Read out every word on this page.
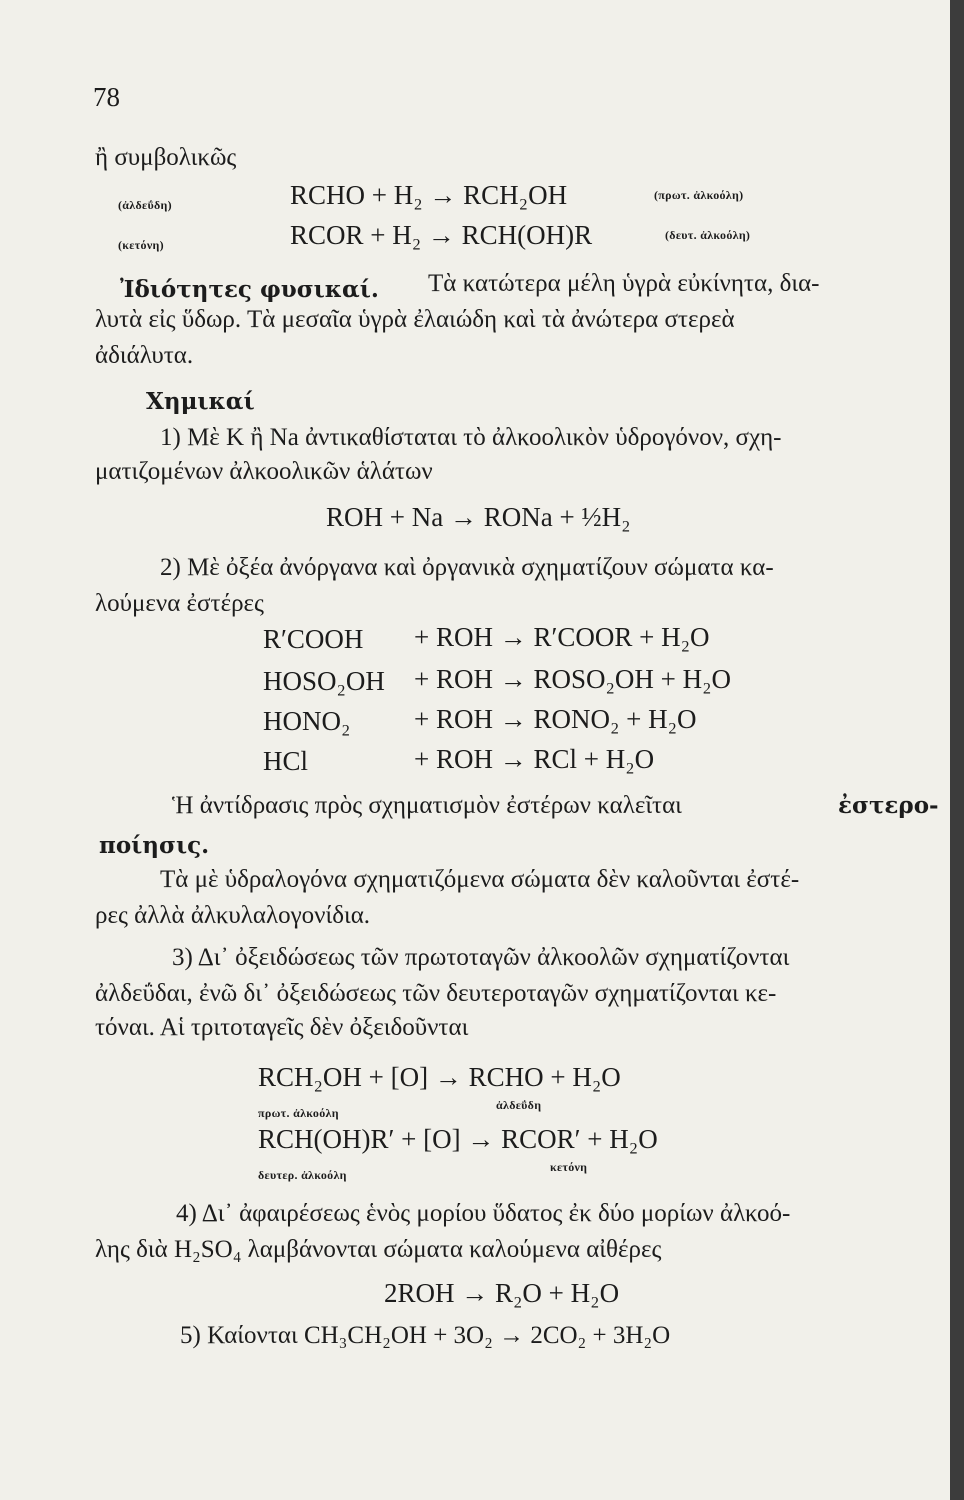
78
ἢ συμβολικῶς
(ἀλδεΰδη)	RCHO + H₂ → RCH₂OH	(πρωτ. ἀλκοόλη)
(κετόνη)	RCOR + H₂ → RCH(OH)R	(δευτ. ἀλκοόλη)
Ἰδιότητες φυσικαί. Τὰ κατώτερα μέλη ὑγρὰ εὐκίνητα, δια-
λυτὰ εἰς ὕδωρ. Τὰ μεσαῖα ὑγρὰ ἐλαιώδη καὶ τὰ ἀνώτερα στερεὰ
ἀδιάλυτα.
Χημικαί
1) Μὲ K ἢ Na ἀντικαθίσταται τὸ ἀλκοολικὸν ὑδρογόνον, σχη-
ματιζομένων ἀλκοολικῶν ἁλάτων
ROH + Na → RONa + ½H₂
2) Μὲ ὀξέα ἀνόργανα καὶ ὀργανικὰ σχηματίζουν σώματα κα-
λούμενα ἐστέρες
R′COOH + ROH → R′COOR + H₂O
HOSO₂OH + ROH → ROSO₂OH + H₂O
HONO₂ + ROH → RONO₂ + H₂O
HCl	+ ROH → RCl + H₂O
Ἡ ἀντίδρασις πρὸς σχηματισμὸν ἐστέρων καλεῖται	ἐστερο-
ποίησις.
Τὰ μὲ ὑδραλογόνα σχηματιζόμενα σώματα δὲν καλοῦνται ἐστέ-
ρες ἀλλὰ ἀλκυλαλογονίδια.
3) Δι᾽ ὀξειδώσεως τῶν πρωτοταγῶν ἀλκοολῶν σχηματίζονται
ἀλδεΰδαι, ἐνῶ δι᾽ ὀξειδώσεως τῶν δευτεροταγῶν σχηματίζονται κε-
τόναι. Αἱ τριτοταγεῖς δὲν ὀξειδοῦνται
RCH₂OH + [O] → RCHO + H₂O
πρωτ. ἀλκοόλη
ἀλδεΰδη
RCH(OH)R′ + [O] → RCOR′ + H₂O
δευτερ. ἀλκοόλη
κετόνη
4) Δι᾽ ἀφαιρέσεως ἑνὸς μορίου ὕδατος ἐκ δύο μορίων ἀλκοό-
λης διὰ H₂SO₄ λαμβάνονται σώματα καλούμενα αἰθέρες
2ROH → R₂O + H₂O
5) Καίονται CH₃CH₂OH + 3O₂ → 2CO₂ + 3H₂O
